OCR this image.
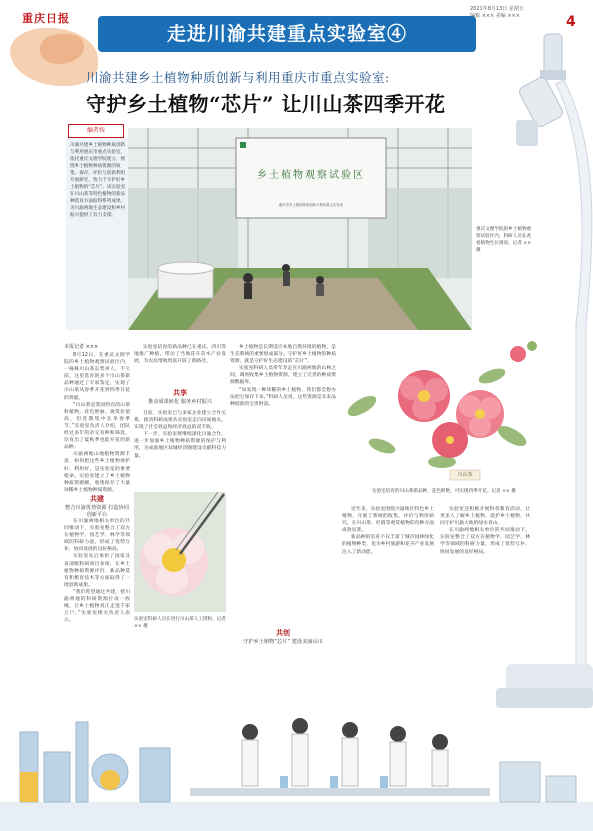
重庆日报
走进川渝共建重点实验室④
2021年8月13日 星期五
编辑 ××× 美编 ×××	4
川渝共建乡土植物种质创新与利用重庆市重点实验室:
守护乡土植物“芯片” 让川山茶四季开花
编者按
川渝共建乡土植物种质创新与利用重庆市重点实验室，依托重庆文理学院建立，围绕乡土植物种质资源的收集、保存、评价与创新利用开展研究，致力于守护好乡土植物的“芯片”。该实验室在川山茶等特色植物的新品种选育方面取得系列成果，为川渝两地生态建设和乡村振兴提供了有力支撑。
乡土植物观察试验区
重庆市乡土植物种质创新与利用重点实验室
重庆文理学院的乡土植物观察试验区内，科研人员在查看植物生长情况。记者 ×× 摄
本报记者 ×××

8月12日，在重庆文理学院的乡土植物观察试验区内，一株株川山茶长势喜人。不久前，这里选育的多个川山茶新品种通过了专家鉴定，实现了川山茶从春季开花到四季开花的突破。

“川山茶是我国特有的山茶科植物，花色艳丽、观赏价值高，但花期集中在冬春季节。”实验室负责人介绍，团队经过多年的杂交育种和筛选，培育出了夏秋季也能开花的新品种。

川渝两地山地植物资源丰富，如何把这些乡土植物保护好、利用好，是实验室的重要使命。实验室建立了乡土植物种质资源圃，收集保存了大量珍稀乡土植物种质资源。

共建
整合川渝优势资源 打造协同创新平台

在川渝两地相关单位的共同推动下，实验室整合了双方在植物学、园艺学、林学等领域的科研力量，形成了优势互补、协同发展的良好格局。

实验室先后承担了国家及省部级科研项目多项，在乡土植物种质资源评价、新品种选育和繁育技术等方面取得了一批创新成果。

“我们希望通过共建，把川渝两地的科研资源拧成一股绳，让乡土植物真正走进千家万户。”实验室相关负责人表示。

实验室培育的新品种已在重庆、四川等地推广种植，带动了当地花卉苗木产业发展，为农民增收致富开辟了新路径。

共享
推动成果转化 服务乡村振兴

目前，实验室已与多家企业建立合作关系，推动科研成果从实验室走向田间地头，实现了社会效益和经济效益的双丰收。

下一步，实验室将继续深化川渝合作，进一步加强乡土植物种质资源的保护与利用，为成渝地区双城经济圈建设贡献科技力量。

实验室科研人员在进行川山茶人工授粉。记者 ×× 摄

乡土植物是长期适应本地自然环境的植物，是生态系统的重要组成部分。守护好乡土植物的种质资源，就是守护好生态建设的“芯片”。

实验室科研人员常年奔走在川渝两地的山林之间，调查收集乡土植物资源，建立了完善的种质资源数据库。

“每发现一种珍稀的乡土植物，我们都会想办法把它保存下来。”科研人员说，这些资源是未来品种创新的宝贵财富。

共创
守护乡土植物“芯片” 建设美丽山川
川山茶
实验室培育的川山茶新品种，花色鲜艳，可实现四季开花。记者 ×× 摄

近年来，实验室围绕川渝地区特色乡土植物，开展了系统的收集、评价与利用研究，在川山茶、杜鹃等观赏植物的育种方面成效显著。

新品种的培育不仅丰富了城市园林绿化的植物种类，也为乡村旅游和花卉产业发展注入了新动能。

实验室还积极开展科普教育活动，让更多人了解乡土植物、爱护乡土植物，共同守护川渝大地的绿水青山。

在川渝两地相关单位的共同推动下，实验室整合了双方在植物学、园艺学、林学等领域的科研力量，形成了优势互补、协同发展的良好格局。
